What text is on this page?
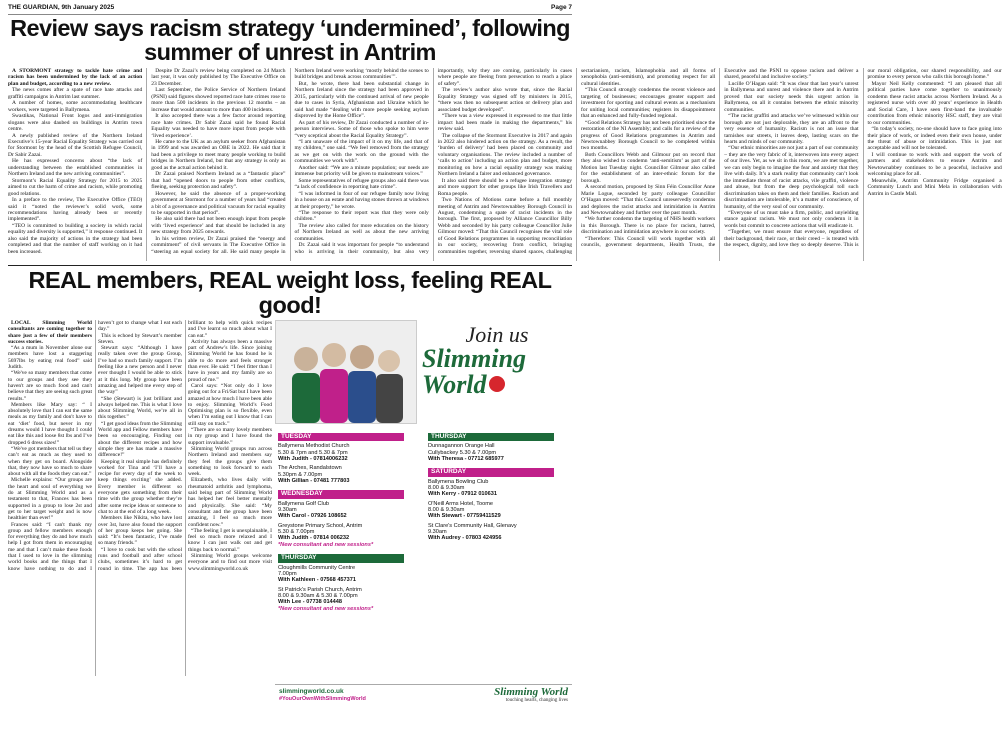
THE GUARDIAN, 9th January 2025	Page 7
Review says racism strategy ‘undermined’, following summer of unrest in Antrim

A STORMONT strategy to tackle hate crime and racism has been undermined by the lack of an action plan and budget, according to a new review.

The news comes after a spate of race hate attacks and graffiti campaigns in Antrim last summer.

A number of homes, some accommodating healthcare workers, were targeted in Ballymena.

Swastikas, National Front logos and anti-immigration slogans were also daubed on buildings in Antrim town centre.

A newly published review of the Northern Ireland Executive’s 15-year Racial Equality Strategy was carried out for Stormont by the head of the Scottish Refugee Council, Dr Sabir Zazai.

He has expressed concerns about “the lack of understanding between the established communities in Northern Ireland and the new arriving communities”.

Stormont’s Racial Equality Strategy for 2015 to 2025 aimed to cut the harm of crime and racism, while promoting good relations.

In a preface to the review, The Executive Office (TEO) said it “noted the reviewer’s solid work, some recommendations having already been or recently implemented”.

“TEO is committed to building a society in which racial equality and diversity is supported,” it response continued. It also said the majority of actions in the strategy had been completed and that the number of staff working on it had been increased.

Despite Dr Zazai’s review being completed on 24 March last year, it was only published by The Executive Office on 23 December.

Last September, the Police Service of Northern Ireland (PSNI) said figures showed reported race hate crimes rose to more than 500 incidents in the previous 12 months – an increase that would amount to more than 400 incidents.

It also accepted there was a few factor around reporting race hate crimes. Dr Sabir Zazai said he found Racial Equality was needed to have more input from people with ‘lived experience’.

He came to the UK as an asylum seeker from Afghanistan in 1999 and was awarded an OBE in 2022. He said that it had been a privilege to meet many people working to build bridges in Northern Ireland, but that any strategy is only as good as the actual action behind it.

Dr Zazai praised Northern Ireland as a “fantastic place” that had “opened doors to people from other conflicts, fleeing, seeking protection and safety”.

However, he said the absence of a proper-working government at Stormont for a number of years had “created a bit of a governance and political vacuum for racial equality to be supported in that period”.

He also said there had not been enough input from people with ‘lived experience’ and that should be included in any new strategy from 2025 onwards.

In his written review, Dr Zazai praised the “energy and commitment” of civil servants in The Executive Office in “steering an equal society for all. He said many people in Northern Ireland were working ‘mostly behind the scenes to build bridges and break across communities’”.

But, he wrote, there had been substantial change in Northern Ireland since the strategy had been approved in 2015, particularly with the continued arrival of new people due to cases in Syria, Afghanistan and Ukraine which he said had made “dealing with more people seeking asylum disproved by the Home Office”.

As part of his review, Dr Zazai conducted a number of in-person interviews. Some of those who spoke to him were “very sceptical about the Racial Equality Strategy”.

“I am unaware of the impact of it on my life, and that of my children,” one said. “We feel removed from the strategy as we get on with the work on the ground with the communities we work with”.

Another said: “We are a minute population; our needs are immense but priority will be given to mainstream voices.”

Some representatives of refugee groups also said there was “a lack of confidence in reporting hate crime”.

“I was informed in four of our refugee family now living in a house on an estate and having stones thrown at windows at their property,” he wrote.

“The response to their report was that they were only children.”

The review also called for more education on the history of Northern Ireland as well as about the new arriving communities.

Dr. Zazai said it was important for people “to understand who is arriving in their community, but also very importantly, why they are coming, particularly in cases where people are fleeing from persecution to reach a place of safety”.

The review’s author also wrote that, since the Racial Equality Strategy was signed off by ministers in 2015, “there was then no subsequent action or delivery plan and associated budget developed”.

“There was a view expressed it expressed to me that little impact had been made in making the departments,” his review said.

The collapse of the Stormont Executive in 2017 and again in 2022 also hindered action on the strategy. As a result, the ‘burden of delivery’ had been placed on community and voluntary organisations. The review included a number of ‘calls to action’ including an action plan and budget, more monitoring on how a racial equality strategy was making Northern Ireland a fairer and enhanced governance.

It also said there should be a refugee integration strategy and more support for other groups like Irish Travellers and Roma people.

Two Nations of Motions came before a full monthly meeting of Antrim and Newtownabbey Borough Council in August, condemning a spate of racist incidents in the borough. The first, proposed by Alliance Councillor Billy Webb and seconded by his party colleague Councillor Julie Gilmour moved: “That this Council recognises the vital role of Good Relations programmes in supporting reconciliation in our society, recovering from conflict, bringing communities together, reversing shared spaces, challenging sectarianism, racism, Islamophobia and all forms of xenophobia (anti-semitism), and promoting respect for all cultural identities.

“This Council strongly condemns the recent violence and targeting of businesses; encourages greater support and investment for sporting and cultural events as a mechanism for uniting local communities; registers its disappointment that an enhanced and fully-funded regional.

“Good Relations Strategy has not been prioritised since the restoration of the NI Assembly; and calls for a review of the progress of Good Relations programmes in Antrim and Newtownabbey Borough Council to be completed within two months.

Both Councillors Webb and Gilmour put on record that they also wished to condemn ‘anti-semitism’ as part of the Motion last Tuesday night. Councillor Gilmour also called for the establishment of an inter-ethnic forum for the borough.

A second motion, proposed by Sinn Féin Councillor Anne Marie Logue, seconded by party colleague Councillor O’Hagan moved: “That this Council unreservedly condemns and deplores the racist attacks and intimidation in Antrim and Newtownabbey and further over the past month.

“We further condemn the targeting of NHS health workers in this Borough. There is no place for racism, hatred, discrimination and intimidation anywhere in our society.

“Therefore: This Council will work together with all councils, government departments, Health Trusts, the Executive and the PSNI to oppose racism and deliver a shared, peaceful and inclusive society.”

Lucille O’Hagan said: “It was clear that last year’s unrest in Ballymena and unrest and violence there and in Antrim proved that our society needs this urgent action in Ballymena, on all it contains between the ethnic minority communities.

“The racist graffiti and attacks we’ve witnessed within our borough are not just deplorable, they are an affront to the very essence of humanity. Racism is not an issue that tarnishes our streets, it leaves deep, lasting scars on the hearts and minds of our community.

“Our ethnic minorities are not just a part of our community – they are the very fabric of it, interwoven into every aspect of our lives. Yet, as we sit in this room, we are met together, we can only begin to imagine the fear and anxiety that they live with daily. It’s a stark reality that community can’t look the immediate threat of racist attacks, vile graffiti, violence and abuse, but from the deep psychological toll such discrimination takes on them and their families. Racism and discrimination are intolerable, it’s a matter of conscience, of humanity, of the very soul of our community.

“Everyone of us must take a firm, public, and unyielding stance against racism. We must not only condemn it in words but commit to concrete actions that will eradicate it.

“Together, we must ensure that everyone, regardless of their background, their race, or their creed – is treated with the respect, dignity, and love they so deeply deserve. This is our moral obligation, our shared responsibility, and our promise to every person who calls this borough home.”

Mayor Neil Kelly commented: “I am pleased that all political parties have come together to unanimously condemn these racist attacks across Northern Ireland. As a registered nurse with over 40 years’ experience in Health and Social Care, I have seen first-hand the invaluable contribution from ethnic minority HSC staff, they are vital to our communities.

“In today’s society, no-one should have to face going into their place of work, or indeed even their own house, under the threat of abuse or intimidation. This is just not acceptable and will not be tolerated.

I will continue to work with and support the work of partners and stakeholders to ensure Antrim and Newtownabbey continues to be a peaceful, inclusive and welcoming place for all.

Meanwhile, Antrim Community Fridge organised a Community Lunch and Mini Mela in collaboration with Antrim in Castle Mall.

REAL members, REAL weight loss, feeling REAL good!

LOCAL Slimming World consultants are coming together to share just a few of their members success stories.

“As a mum in November alone our members have lost a staggering 5697lbs by eating real food” said Judith.

“We've so many members that come to our groups and they see they haven't are so much food and can't believe that they are seeing such great results.”

Members like Mary say: “ I absolutely love that I can eat the same meals as my family and don't have to eat ‘diet’ food, but never in my dreams would I have thought I could eat like this and loose 8st lbs and I’ve dropped 6 dress sizes!”

“We've got members that tell us they can’t eat as much as they used to when they get on board. Alongside that, they now have so much to share about with all the foods they can eat.”

Michelle explains: “Our groups are the heart and soul of everything we do at Slimming World and as a testament to that, Frances has been supported in a group to lose 2st and get to her target weight and is now healthier than ever!”

Frances said: “I can't thank my group and fellow members enough for everything they do and how much help I got from them in encouraging me and that I can’t make these foods that I used to love in the slimming world books and the things that I know have nothing to do and I haven’t got to change what I eat each day.”

This is echoed by Stewart’s member Steven.

Stewart says: “Although I have really taken over the group Group, I’ve had so much family support. I’m feeling like a new person and I never ever thought I would be able to stick at it this long. My group have been amazing and helped me every step of the way”

“She (Stewart) is just brilliant and always helped me. This is what I love about Slimming World, we’re all in this together.”

“I get good ideas from the Slimming World app and Fellow members have been so encouraging. Finding out about the different recipes and how simple they are has made a massive difference!”

Keeping it real simple has definitely worked for Tina and ‘I’ll have a recipe for every day of the week to keep things exciting’ she added. Every member is different so everyone gets something from their time with the group whether they’re after some recipe ideas or someone to chat to at the end of a long week.

Members like Nikita, who have lost over 3st, have also found the support of her group keeps her going. She said: “It’s been fantastic, I’ve made so many friends.”

“I love to cook but with the school runs and football and after school clubs, sometimes it’s hard to get round in time. The app has been brilliant to help with quick recipes and I've learnt so much about what I can eat.”

Activity has always been a massive part of Andrew’s life. Since joining Slimming World he has found he is able to do more and feels stronger than ever. He said: “I feel fitter than I have in years and my family are so proud of me.”

Carol says: “Not only do I love going out for a Fri/Sat but I have been amazed at how much I have been able to enjoy. Slimming World’s Food Optimising plan is so flexible, even when I’m eating out I know that I can still stay on track.”

“There are so many lovely members in my group and I have found the support invaluable.”

Slimming World groups run across Northern Ireland and members say they feel the groups give them something to look forward to each week.

Elizabeth, who lives daily with rheumatoid arthritis and lymphoma, said being part of Slimming World has helped her feel better mentally and physically. She said: “My consultant and the group have been amazing, I feel so much more confident now.”

“The feeling I get is unexplainable, I feel so much more relaxed and I know I can just walk out and get things back to normal.”

Slimming World groups welcome everyone and to find out more visit www.slimmingworld.co.uk

Join us
Slimming World
TUESDAY
Ballymena Methodist Church
5.30 & 7pm and 5.30 & 7pm
With Judith - 07814006232
The Arches, Randalstown
5.30pm & 7.00pm
With Gillian - 07481 777803
WEDNESDAY
Ballymena Golf Club
9.30am
With Carol - 07926 108652
Greystone Primary School, Antrim
5.30 & 7.00pm
With Judith - 07814 006232
*New consultant and new sessions*
THURSDAY
Cloughmills Community Centre
7.00pm
With Kathleen - 07568 457371
St Patrick's Parish Church, Antrim
8.00 & 9.30am & 5.30 & 7.00pm
With Lee - 07738 014448
*New consultant and new sessions*
THURSDAY
Dunnagannon Orange Hall
Cullybackey 5.30 & 7.00pm
With Theresa - 07712 685977
SATURDAY
Ballymena Bowling Club
8.00 & 9.30am
With Kerry - 07912 010631
O'Neill Arms Hotel, Toome
8.00 & 9.30am
With Stewart - 07759411529
St Clare's Community Hall, Glenavy
9.30am
With Audrey - 07803 424956
slimmingworld.co.uk
#YouOurOwnWithSlimmingWorld
Slimming World
touching hearts, changing lives
